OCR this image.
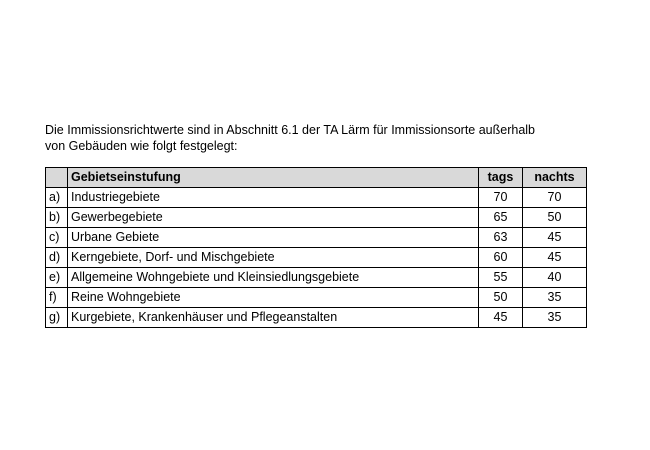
Die Immissionsrichtwerte sind in Abschnitt 6.1 der TA Lärm für Immissionsorte außerhalb
von Gebäuden wie folgt festgelegt:

	Gebietseinstufung	tags	nachts
a)	Industriegebiete	70	70
b)	Gewerbegebiete	65	50
c)	Urbane Gebiete	63	45
d)	Kerngebiete, Dorf- und Mischgebiete	60	45
e)	Allgemeine Wohngebiete und Kleinsiedlungsgebiete	55	40
f)	Reine Wohngebiete	50	35
g)	Kurgebiete, Krankenhäuser und Pflegeanstalten	45	35
